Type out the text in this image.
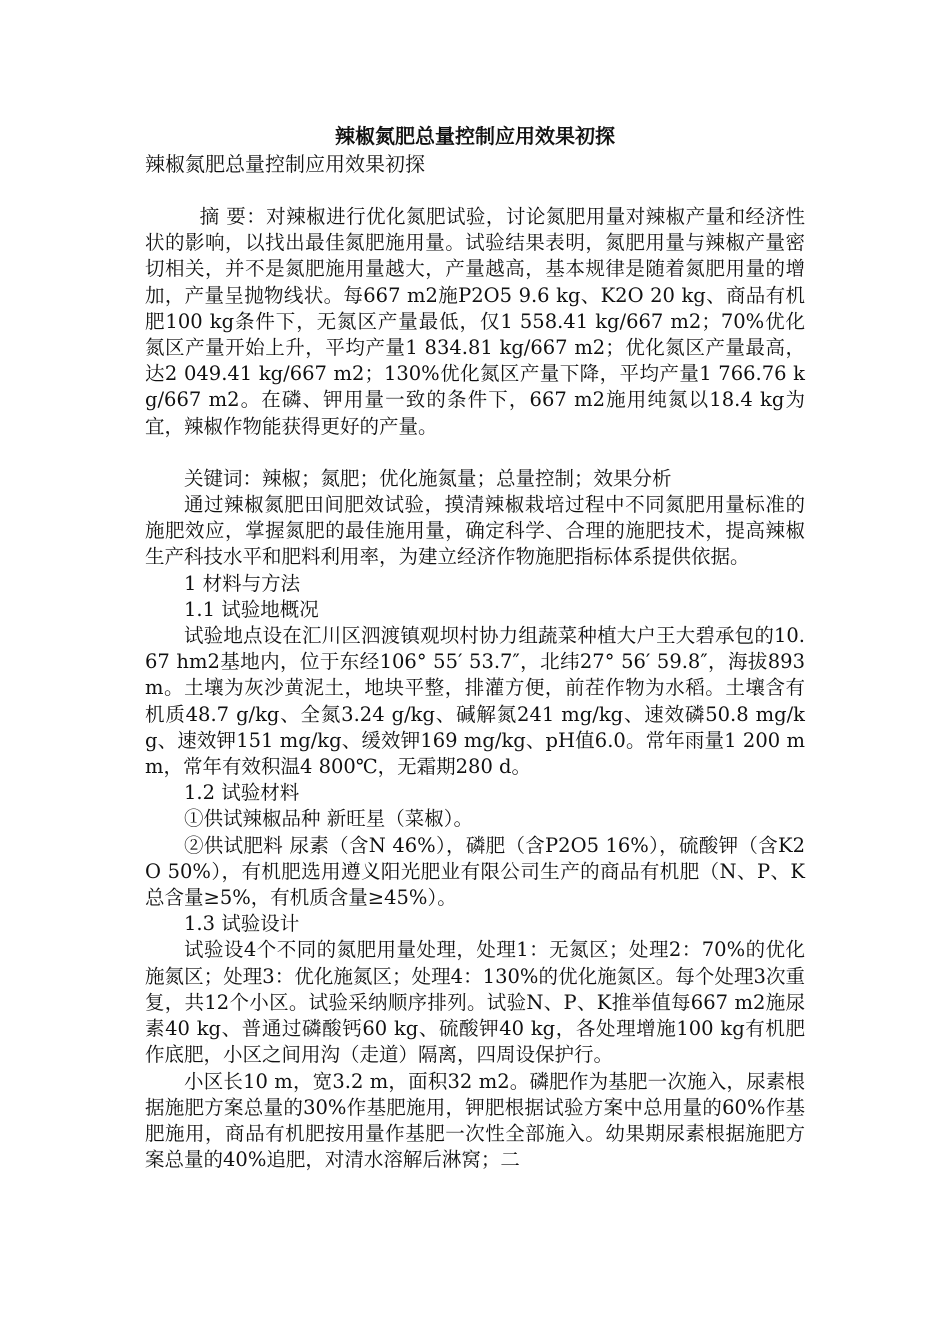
辣椒氮肥总量控制应用效果初探

辣椒氮肥总量控制应用效果初探

摘 要：对辣椒进行优化氮肥试验，讨论氮肥用量对辣椒产量和经济性状的影响，以找出最佳氮肥施用量。试验结果表明，氮肥用量与辣椒产量密切相关，并不是氮肥施用量越大，产量越高，基本规律是随着氮肥用量的增加，产量呈抛物线状。每667 m2施P2O5 9.6 kg、K2O 20 kg、商品有机肥100 kg条件下，无氮区产量最低，仅1 558.41 kg/667 m2；70%优化氮区产量开始上升，平均产量1 834.81 kg/667 m2；优化氮区产量最高，达2 049.41 kg/667 m2；130%优化氮区产量下降，平均产量1 766.76 kg/667 m2。在磷、钾用量一致的条件下，667 m2施用纯氮以18.4 kg为宜，辣椒作物能获得更好的产量。

关键词：辣椒；氮肥；优化施氮量；总量控制；效果分析

通过辣椒氮肥田间肥效试验，摸清辣椒栽培过程中不同氮肥用量标准的施肥效应，掌握氮肥的最佳施用量，确定科学、合理的施肥技术，提高辣椒生产科技水平和肥料利用率，为建立经济作物施肥指标体系提供依据。

1 材料与方法

1.1 试验地概况

试验地点设在汇川区泗渡镇观坝村协力组蔬菜种植大户王大碧承包的10.67 hm2基地内，位于东经106° 55′ 53.7″，北纬27° 56′ 59.8″，海拔893 m。土壤为灰沙黄泥土，地块平整，排灌方便，前茬作物为水稻。土壤含有机质48.7 g/kg、全氮3.24 g/kg、碱解氮241 mg/kg、速效磷50.8 mg/kg、速效钾151 mg/kg、缓效钾169 mg/kg、pH值6.0。常年雨量1 200 mm，常年有效积温4 800℃，无霜期280 d。

1.2 试验材料

①供试辣椒品种 新旺星（菜椒）。

②供试肥料 尿素（含N 46%），磷肥（含P2O5 16%），硫酸钾（含K2O 50%），有机肥选用遵义阳光肥业有限公司生产的商品有机肥（N、P、K总含量≥5%，有机质含量≥45%）。

1.3 试验设计

试验设4个不同的氮肥用量处理，处理1：无氮区；处理2：70%的优化施氮区；处理3：优化施氮区；处理4：130%的优化施氮区。每个处理3次重复，共12个小区。试验采纳顺序排列。试验N、P、K推举值每667 m2施尿素40 kg、普通过磷酸钙60 kg、硫酸钾40 kg，各处理增施100 kg有机肥作底肥，小区之间用沟（走道）隔离，四周设保护行。

小区长10 m，宽3.2 m，面积32 m2。磷肥作为基肥一次施入，尿素根据施肥方案总量的30%作基肥施用，钾肥根据试验方案中总用量的60%作基肥施用，商品有机肥按用量作基肥一次性全部施入。幼果期尿素根据施肥方案总量的40%追肥，对清水溶解后淋窝；二
